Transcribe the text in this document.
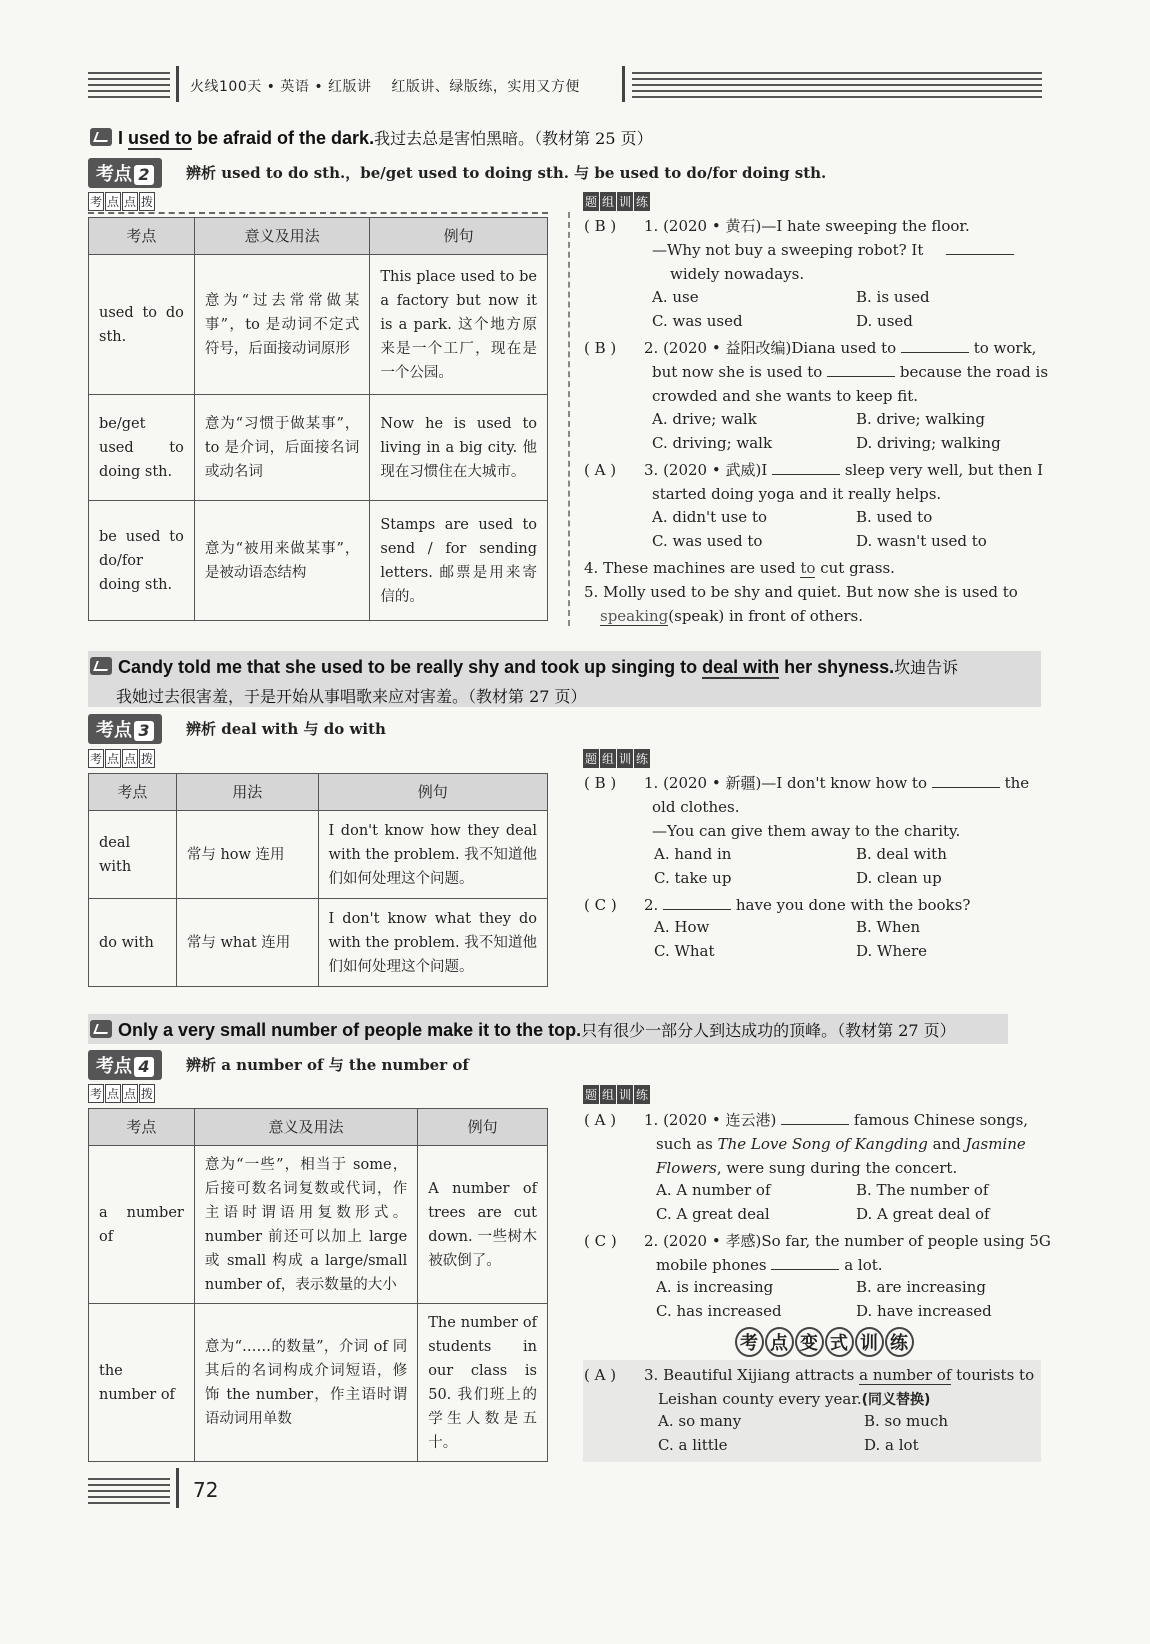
火线100天 • 英语 • 红版讲 红版讲、绿版练，实用又方便
I used to be afraid of the dark.我过去总是害怕黑暗。（教材第 25 页）
考点 2	辨析 used to do sth.，be/get used to doing sth. 与 be used to do/for doing sth.
考 点 点 拨
考点	意义及用法	例句
used to do sth.	意为“过去常常做某事”，to 是动词不定式符号，后面接动词原形	This place used to be a factory but now it is a park. 这个地方原来是一个工厂，现在是一个公园。
be/get used to doing sth.	意为“习惯于做某事”，to 是介词，后面接名词或动名词	Now he is used to living in a big city. 他现在习惯住在大城市。
be used to do/for doing sth.	意为“被用来做某事”，是被动语态结构	Stamps are used to send / for sending letters. 邮票是用来寄信的。
题 组 训 练
( B ) 1. (2020 • 黄石)—I hate sweeping the floor.
—Why not buy a sweeping robot? It
widely nowadays.
A. use	B. is used
C. was used	D. used
( B ) 2. (2020 • 益阳改编)Diana used to	to work,
but now she is used to	because the road is
crowded and she wants to keep fit.
A. drive; walk	B. drive; walking
C. driving; walk	D. driving; walking
( A ) 3. (2020 • 武威)I	sleep very well, but then I
started doing yoga and it really helps.
A. didn't use to	B. used to
C. was used to	D. wasn't used to
4. These machines are used to cut grass.
5. Molly used to be shy and quiet. But now she is used to
speaking(speak) in front of others.
Candy told me that she used to be really shy and took up singing to deal with her shyness.坎迪告诉
我她过去很害羞，于是开始从事唱歌来应对害羞。（教材第 27 页）
考点 3	辨析 deal with 与 do with
考 点 点 拨
考点	用法	例句
deal with	常与 how 连用	I don't know how they deal with the problem. 我不知道他们如何处理这个问题。
do with	常与 what 连用	I don't know what they do with the problem. 我不知道他们如何处理这个问题。
题 组 训 练
( B ) 1. (2020 • 新疆)—I don't know how to	the
old clothes.
—You can give them away to the charity.
A. hand in	B. deal with
C. take up	D. clean up
( C ) 2.	have you done with the books?
A. How	B. When
C. What	D. Where
Only a very small number of people make it to the top.只有很少一部分人到达成功的顶峰。（教材第 27 页）
考点 4	辨析 a number of 与 the number of
考 点 点 拨
考点	意义及用法	例句
a number of	意为“一些”，相当于 some，后接可数名词复数或代词，作主语时谓语用复数形式。number 前还可以加上 large 或 small 构成 a large/small number of，表示数量的大小	A number of trees are cut down. 一些树木被砍倒了。
the number of	意为“……的数量”，介词 of 同其后的名词构成介词短语，修饰 the number，作主语时谓语动词用单数	The number of students in our class is 50. 我们班上的学生人数是五十。
题 组 训 练
( A ) 1. (2020 • 连云港)	famous Chinese songs,
such as The Love Song of Kangding and Jasmine
Flowers, were sung during the concert.
A. A number of	B. The number of
C. A great deal	D. A great deal of
( C ) 2. (2020 • 孝感)So far, the number of people using 5G
mobile phones	a lot.
A. is increasing	B. are increasing
C. has increased	D. have increased
考 点 变 式 训 练
( A ) 3. Beautiful Xijiang attracts a number of tourists to
Leishan county every year.(同义替换)
A. so many	B. so much
C. a little	D. a lot
72
